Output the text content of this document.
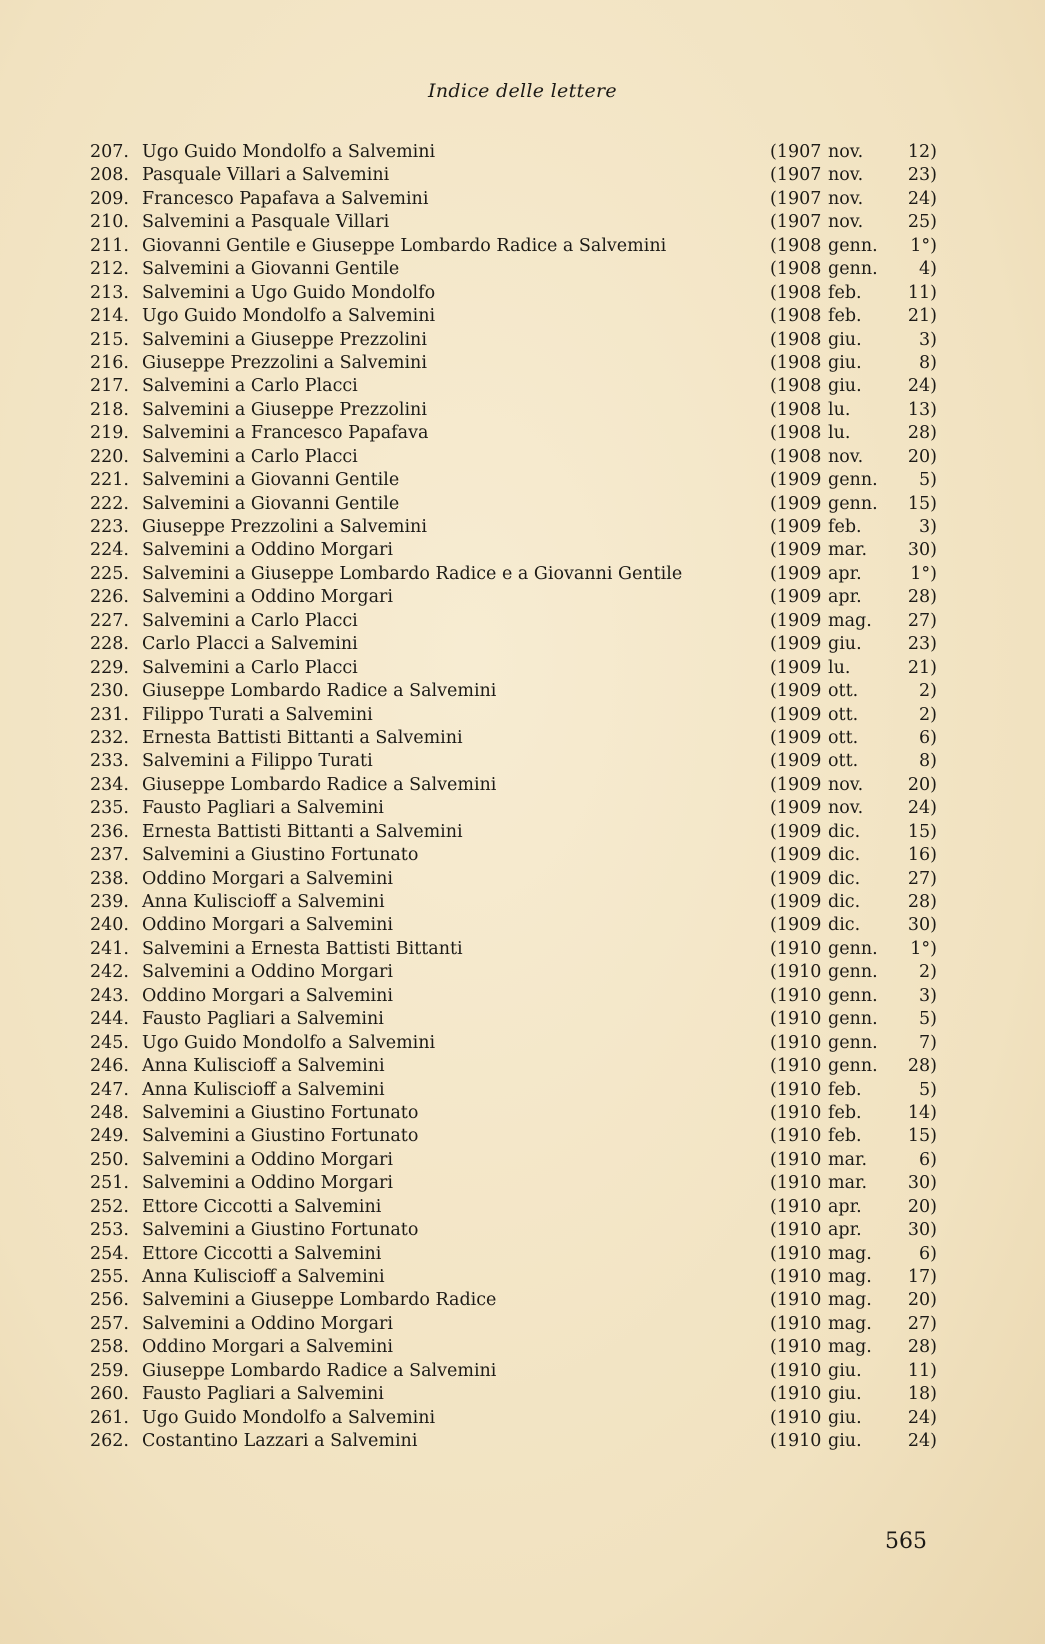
Indice delle lettere
207. Ugo Guido Mondolfo a Salvemini	(1907 nov.	12)
208. Pasquale Villari a Salvemini	(1907 nov.	23)
209. Francesco Papafava a Salvemini	(1907 nov.	24)
210. Salvemini a Pasquale Villari	(1907 nov.	25)
211. Giovanni Gentile e Giuseppe Lombardo Radice a Salvemini	(1908 genn. 1°)
212. Salvemini a Giovanni Gentile	(1908 genn. 4)
213. Salvemini a Ugo Guido Mondolfo	(1908 feb.	11)
214. Ugo Guido Mondolfo a Salvemini	(1908 feb.	21)
215. Salvemini a Giuseppe Prezzolini	(1908 giu.	3)
216. Giuseppe Prezzolini a Salvemini	(1908 giu.	8)
217. Salvemini a Carlo Placci	(1908 giu.	24)
218. Salvemini a Giuseppe Prezzolini	(1908 lu.	13)
219. Salvemini a Francesco Papafava	(1908 lu.	28)
220. Salvemini a Carlo Placci	(1908 nov.	20)
221. Salvemini a Giovanni Gentile	(1909 genn. 5)
222. Salvemini a Giovanni Gentile	(1909 genn. 15)
223. Giuseppe Prezzolini a Salvemini	(1909 feb.	3)
224. Salvemini a Oddino Morgari	(1909 mar. 30)
225. Salvemini a Giuseppe Lombardo Radice e a Giovanni Gentile	(1909 apr.	1°)
226. Salvemini a Oddino Morgari	(1909 apr.	28)
227. Salvemini a Carlo Placci	(1909 mag. 27)
228. Carlo Placci a Salvemini	(1909 giu.	23)
229. Salvemini a Carlo Placci	(1909 lu.	21)
230. Giuseppe Lombardo Radice a Salvemini	(1909 ott.	2)
231. Filippo Turati a Salvemini	(1909 ott.	2)
232. Ernesta Battisti Bittanti a Salvemini	(1909 ott.	6)
233. Salvemini a Filippo Turati	(1909 ott.	8)
234. Giuseppe Lombardo Radice a Salvemini	(1909 nov.	20)
235. Fausto Pagliari a Salvemini	(1909 nov.	24)
236. Ernesta Battisti Bittanti a Salvemini	(1909 dic.	15)
237. Salvemini a Giustino Fortunato	(1909 dic.	16)
238. Oddino Morgari a Salvemini	(1909 dic.	27)
239. Anna Kuliscioff a Salvemini	(1909 dic.	28)
240. Oddino Morgari a Salvemini	(1909 dic.	30)
241. Salvemini a Ernesta Battisti Bittanti	(1910 genn. 1°)
242. Salvemini a Oddino Morgari	(1910 genn. 2)
243. Oddino Morgari a Salvemini	(1910 genn. 3)
244. Fausto Pagliari a Salvemini	(1910 genn. 5)
245. Ugo Guido Mondolfo a Salvemini	(1910 genn. 7)
246. Anna Kuliscioff a Salvemini	(1910 genn. 28)
247. Anna Kuliscioff a Salvemini	(1910 feb.	5)
248. Salvemini a Giustino Fortunato	(1910 feb.	14)
249. Salvemini a Giustino Fortunato	(1910 feb.	15)
250. Salvemini a Oddino Morgari	(1910 mar.	6)
251. Salvemini a Oddino Morgari	(1910 mar. 30)
252. Ettore Ciccotti a Salvemini	(1910 apr.	20)
253. Salvemini a Giustino Fortunato	(1910 apr.	30)
254. Ettore Ciccotti a Salvemini	(1910 mag.	6)
255. Anna Kuliscioff a Salvemini	(1910 mag. 17)
256. Salvemini a Giuseppe Lombardo Radice	(1910 mag. 20)
257. Salvemini a Oddino Morgari	(1910 mag. 27)
258. Oddino Morgari a Salvemini	(1910 mag. 28)
259. Giuseppe Lombardo Radice a Salvemini	(1910 giu.	11)
260. Fausto Pagliari a Salvemini	(1910 giu.	18)
261. Ugo Guido Mondolfo a Salvemini	(1910 giu.	24)
262. Costantino Lazzari a Salvemini	(1910 giu.	24)
565
